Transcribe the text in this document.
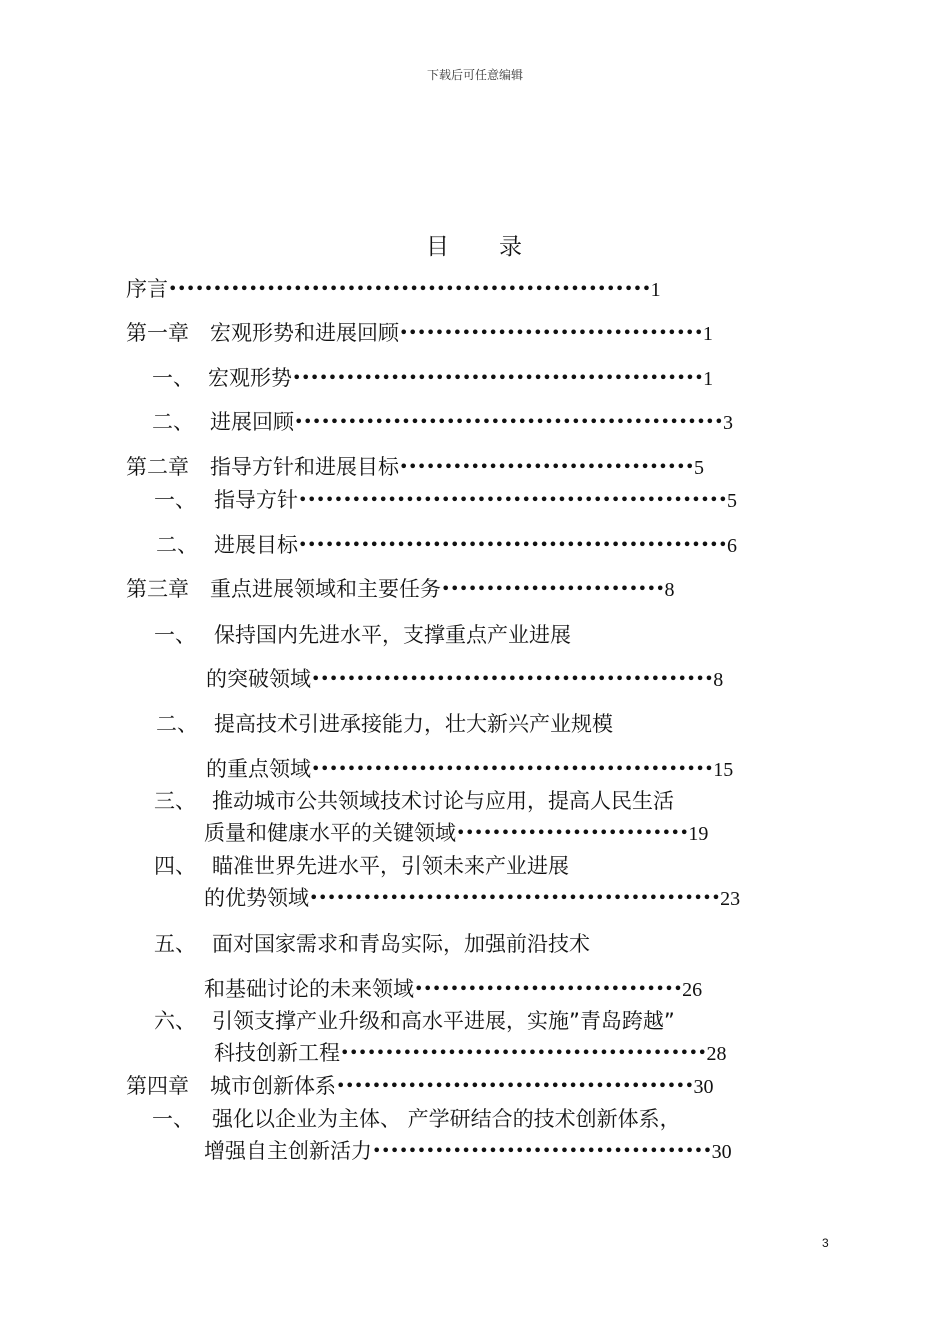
下载后可任意编辑
目 录
序言••••••••••••••••••••••••••••••••••••••••••••••••••••••1
第一章　宏观形势和进展回顾••••••••••••••••••••••••••••••••••1
一、 宏观形势••••••••••••••••••••••••••••••••••••••••••••••1
二、 进展回顾••••••••••••••••••••••••••••••••••••••••••••••••3
第二章　指导方针和进展目标•••••••••••••••••••••••••••••••••5
一、 指导方针••••••••••••••••••••••••••••••••••••••••••••••••5
二、 进展目标••••••••••••••••••••••••••••••••••••••••••••••••6
第三章　重点进展领域和主要任务•••••••••••••••••••••••••8
一、 保持国内先进水平，支撑重点产业进展
的突破领域•••••••••••••••••••••••••••••••••••••••••••••8
二、 提高技术引进承接能力，壮大新兴产业规模
的重点领域•••••••••••••••••••••••••••••••••••••••••••••15
三、 推动城市公共领域技术讨论与应用，提高人民生活
质量和健康水平的关键领域••••••••••••••••••••••••••19
四、 瞄准世界先进水平，引领未来产业进展
的优势领域••••••••••••••••••••••••••••••••••••••••••••••23
五、 面对国家需求和青岛实际，加强前沿技术
和基础讨论的未来领域••••••••••••••••••••••••••••••26
六、 引领支撑产业升级和高水平进展，实施”青岛跨越”
科技创新工程•••••••••••••••••••••••••••••••••••••••••28
第四章　城市创新体系••••••••••••••••••••••••••••••••••••••••30
一、 强化以企业为主体、 产学研结合的技术创新体系，
增强自主创新活力••••••••••••••••••••••••••••••••••••••30
3
